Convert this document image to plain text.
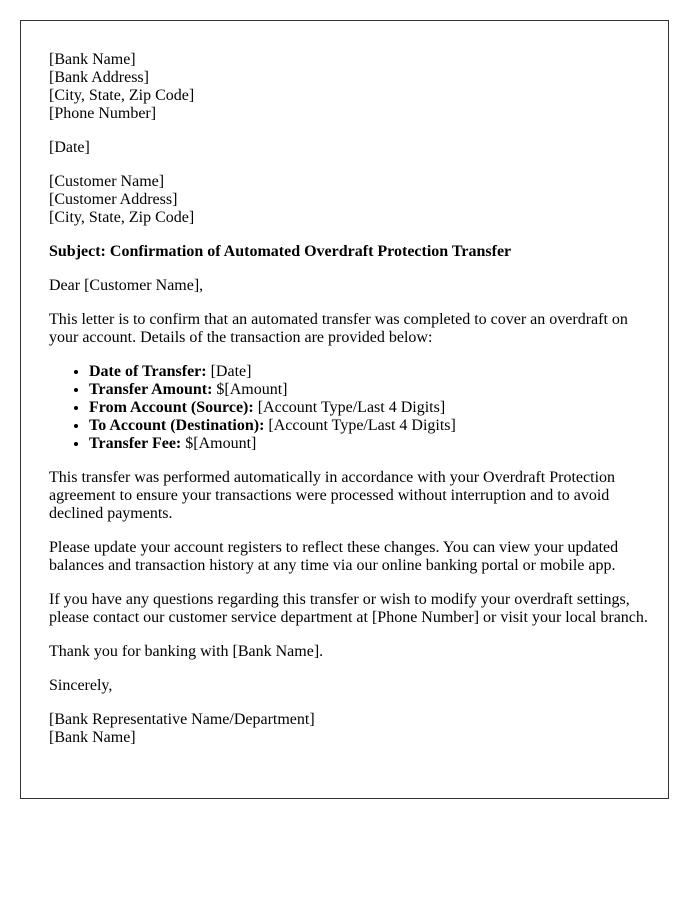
[Bank Name]
[Bank Address]
[City, State, Zip Code]
[Phone Number]

[Date]

[Customer Name]
[Customer Address]
[City, State, Zip Code]
Subject: Confirmation of Automated Overdraft Protection Transfer

Dear [Customer Name],

This letter is to confirm that an automated transfer was completed to cover an overdraft on your account. Details of the transaction are provided below:

• Date of Transfer: [Date]
• Transfer Amount: $[Amount]
• From Account (Source): [Account Type/Last 4 Digits]
• To Account (Destination): [Account Type/Last 4 Digits]
• Transfer Fee: $[Amount]

This transfer was performed automatically in accordance with your Overdraft Protection agreement to ensure your transactions were processed without interruption and to avoid declined payments.

Please update your account registers to reflect these changes. You can view your updated balances and transaction history at any time via our online banking portal or mobile app.

If you have any questions regarding this transfer or wish to modify your overdraft settings, please contact our customer service department at [Phone Number] or visit your local branch.

Thank you for banking with [Bank Name].

Sincerely,

[Bank Representative Name/Department]
[Bank Name]
